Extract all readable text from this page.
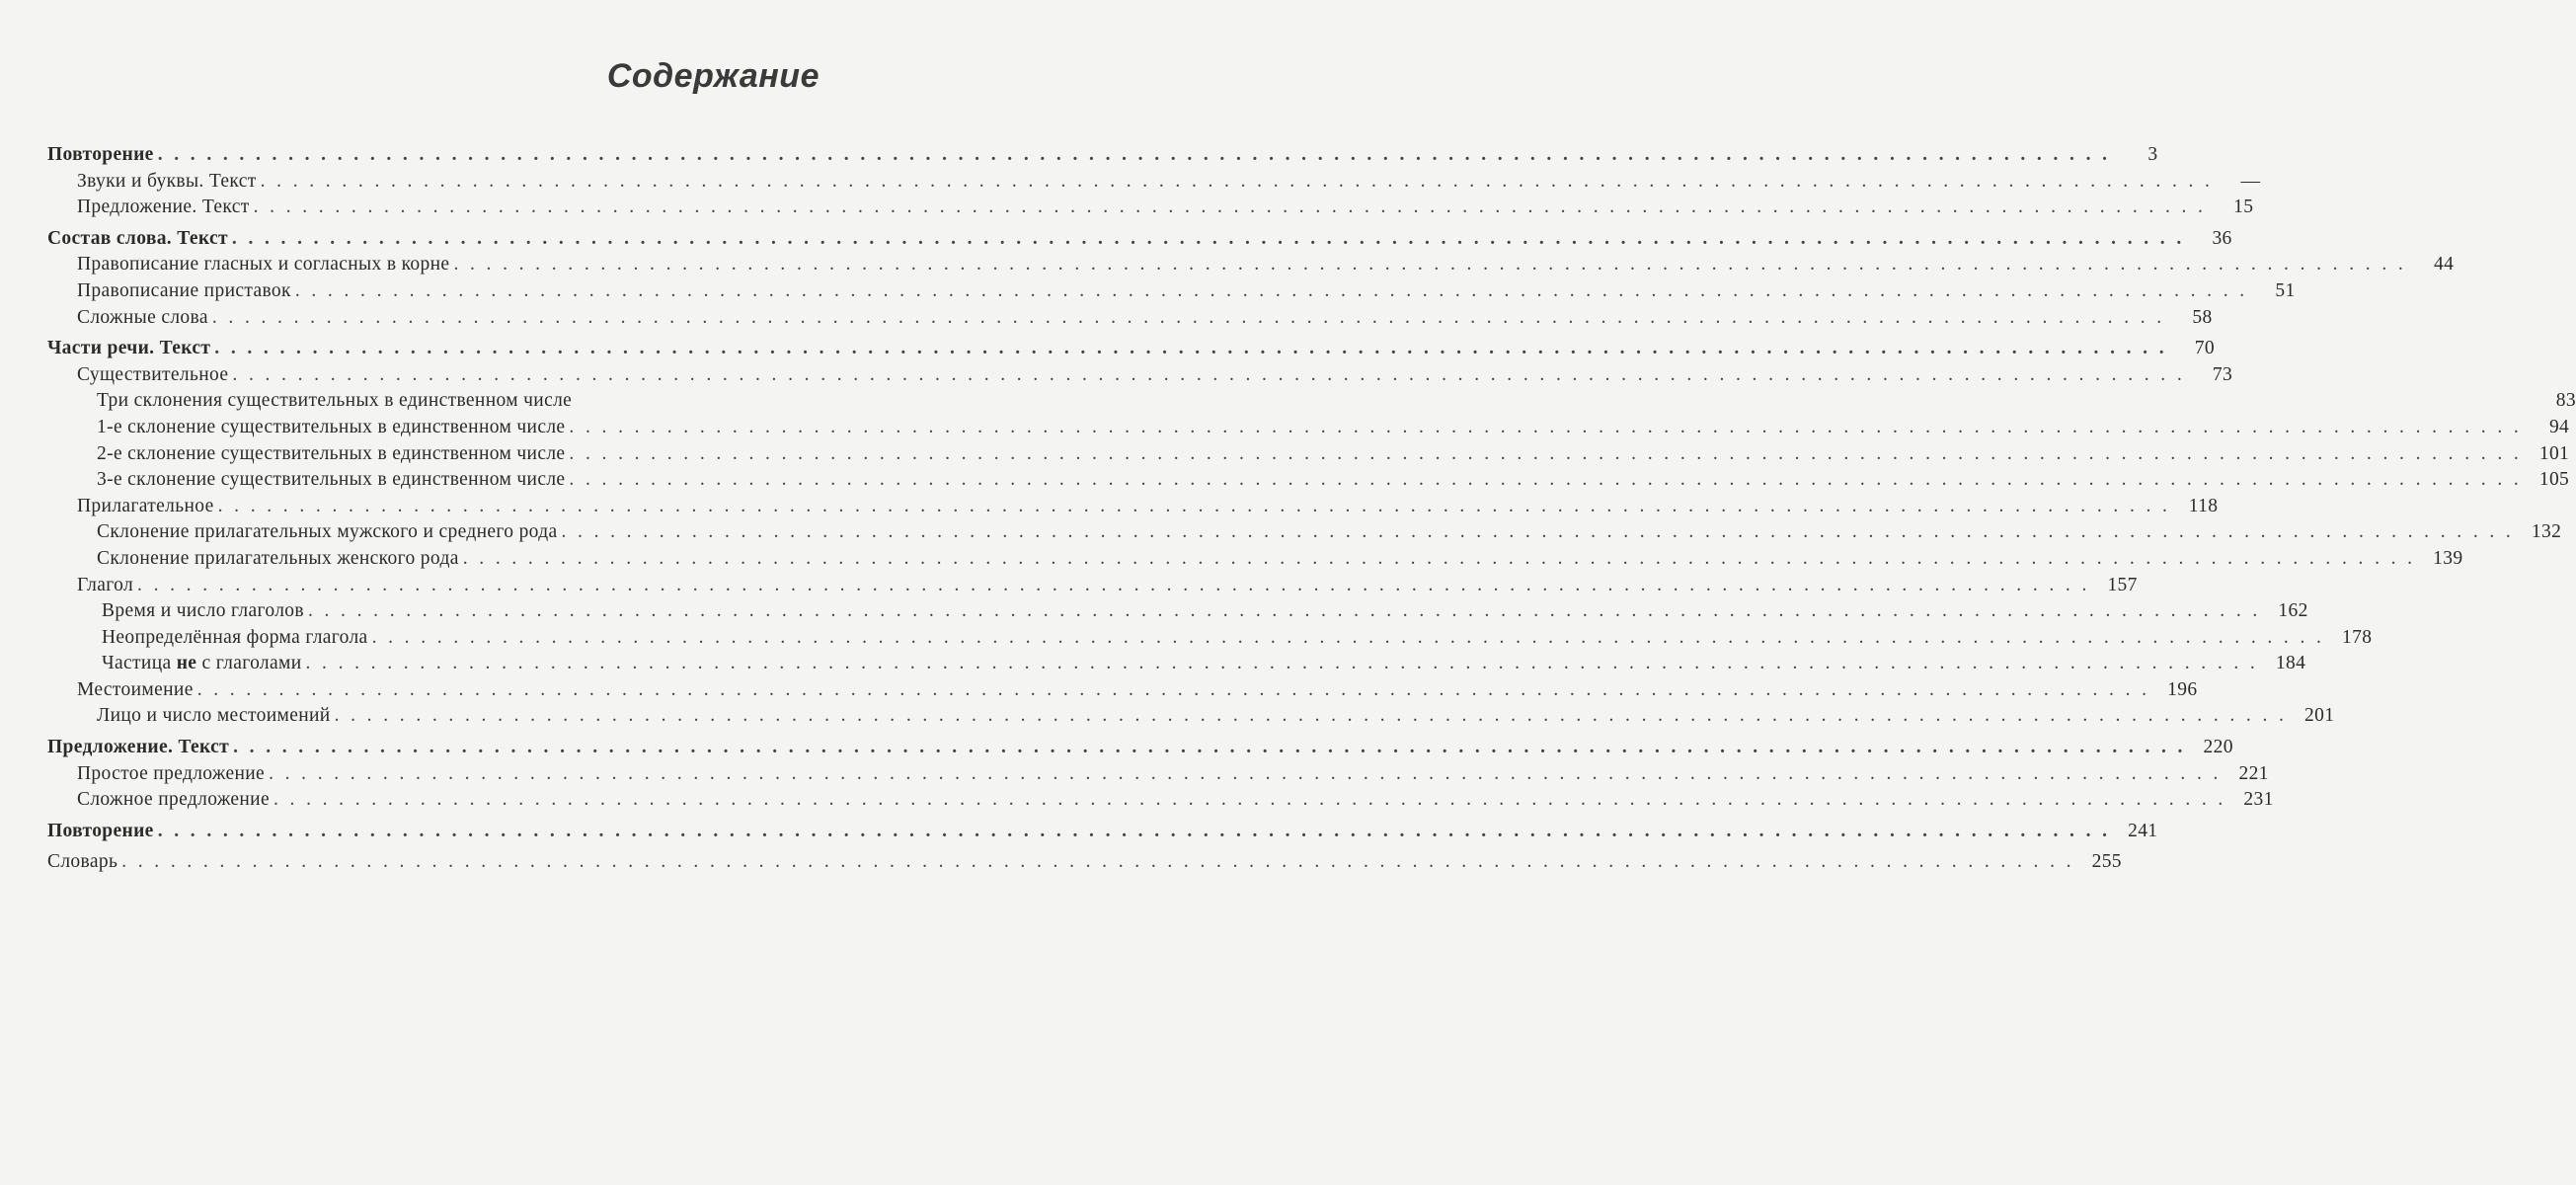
Содержание
Повторение . . . . . . . . . . . . . . . . . . . . . . . . . . . . . . . . . . . . . . . . . . . . . . . . . . . . . . . . . . . . . . . . . . . . . . . . . . . . . . . . . . . . . . . . . . . . . . . . . . . . . . . . . . . . . . . . . . . . . . . .	3
Звуки и буквы. Текст . . . . . . . . . . . . . . . . . . . . . . . . . . . . . . . . . . . . . . . . . . . . . . . . . . . . . . . . . . . . . . . . . . . . . . . . . . . . . . . . . . . . . . . . . . . . . . . . . . . . . . . . . . . . . . . . . . . . . . . .	—
Предложение. Текст . . . . . . . . . . . . . . . . . . . . . . . . . . . . . . . . . . . . . . . . . . . . . . . . . . . . . . . . . . . . . . . . . . . . . . . . . . . . . . . . . . . . . . . . . . . . . . . . . . . . . . . . . . . . . . . . . . . . . . . .	15
Состав слова. Текст . . . . . . . . . . . . . . . . . . . . . . . . . . . . . . . . . . . . . . . . . . . . . . . . . . . . . . . . . . . . . . . . . . . . . . . . . . . . . . . . . . . . . . . . . . . . . . . . . . . . . . . . . . . . . . . . . . . . . . . .	36
Правописание гласных и согласных в корне . . . . . . . . . . . . . . . . . . . . . . . . . . . . . . . . . . . . . . . . . . . . . . . . . . . . . . . . . . . . . . . . . . . . . . . . . . . . . . . . . . . . . . . . . . . . . . . . . . . . . . . . . . . . . . . . . . . . . . . .	44
Правописание приставок . . . . . . . . . . . . . . . . . . . . . . . . . . . . . . . . . . . . . . . . . . . . . . . . . . . . . . . . . . . . . . . . . . . . . . . . . . . . . . . . . . . . . . . . . . . . . . . . . . . . . . . . . . . . . . . . . . . . . . . .	51
Сложные слова . . . . . . . . . . . . . . . . . . . . . . . . . . . . . . . . . . . . . . . . . . . . . . . . . . . . . . . . . . . . . . . . . . . . . . . . . . . . . . . . . . . . . . . . . . . . . . . . . . . . . . . . . . . . . . . . . . . . . . . .	58
Части речи. Текст . . . . . . . . . . . . . . . . . . . . . . . . . . . . . . . . . . . . . . . . . . . . . . . . . . . . . . . . . . . . . . . . . . . . . . . . . . . . . . . . . . . . . . . . . . . . . . . . . . . . . . . . . . . . . . . . . . . . . . . .	70
Существительное . . . . . . . . . . . . . . . . . . . . . . . . . . . . . . . . . . . . . . . . . . . . . . . . . . . . . . . . . . . . . . . . . . . . . . . . . . . . . . . . . . . . . . . . . . . . . . . . . . . . . . . . . . . . . . . . . . . . . . . .	73
Три склонения существительных в единственном числе	83
1-е склонение существительных в единственном числе . . . . . . . . . . . . . . . . . . . . . . . . . . . . . . . . . . . . . . . . . . . . . . . . . . . . . . . . . . . . . . . . . . . . . . . . . . . . . . . . . . . . . . . . . . . . . . . . . . . . . . . . . . . . . . . . . . . . . . . .	94
2-е склонение существительных в единственном числе . . . . . . . . . . . . . . . . . . . . . . . . . . . . . . . . . . . . . . . . . . . . . . . . . . . . . . . . . . . . . . . . . . . . . . . . . . . . . . . . . . . . . . . . . . . . . . . . . . . . . . . . . . . . . . . . . . . . . . . . 101
3-е склонение существительных в единственном числе . . . . . . . . . . . . . . . . . . . . . . . . . . . . . . . . . . . . . . . . . . . . . . . . . . . . . . . . . . . . . . . . . . . . . . . . . . . . . . . . . . . . . . . . . . . . . . . . . . . . . . . . . . . . . . . . . . . . . . . . 105
Прилагательное . . . . . . . . . . . . . . . . . . . . . . . . . . . . . . . . . . . . . . . . . . . . . . . . . . . . . . . . . . . . . . . . . . . . . . . . . . . . . . . . . . . . . . . . . . . . . . . . . . . . . . . . . . . . . . . . . . . . . . . . 118
Склонение прилагательных мужского и среднего рода . . . . . . . . . . . . . . . . . . . . . . . . . . . . . . . . . . . . . . . . . . . . . . . . . . . . . . . . . . . . . . . . . . . . . . . . . . . . . . . . . . . . . . . . . . . . . . . . . . . . . . . . . . . . . . . . . . . . . . . . 132
Склонение прилагательных женского рода . . . . . . . . . . . . . . . . . . . . . . . . . . . . . . . . . . . . . . . . . . . . . . . . . . . . . . . . . . . . . . . . . . . . . . . . . . . . . . . . . . . . . . . . . . . . . . . . . . . . . . . . . . . . . . . . . . . . . . . . 139
Глагол . . . . . . . . . . . . . . . . . . . . . . . . . . . . . . . . . . . . . . . . . . . . . . . . . . . . . . . . . . . . . . . . . . . . . . . . . . . . . . . . . . . . . . . . . . . . . . . . . . . . . . . . . . . . . . . . . . . . . . . . 157
Время и число глаголов . . . . . . . . . . . . . . . . . . . . . . . . . . . . . . . . . . . . . . . . . . . . . . . . . . . . . . . . . . . . . . . . . . . . . . . . . . . . . . . . . . . . . . . . . . . . . . . . . . . . . . . . . . . . . . . . . . . . . . . . 162
Неопределённая форма глагола . . . . . . . . . . . . . . . . . . . . . . . . . . . . . . . . . . . . . . . . . . . . . . . . . . . . . . . . . . . . . . . . . . . . . . . . . . . . . . . . . . . . . . . . . . . . . . . . . . . . . . . . . . . . . . . . . . . . . . . . 178
Частица не с глаголами . . . . . . . . . . . . . . . . . . . . . . . . . . . . . . . . . . . . . . . . . . . . . . . . . . . . . . . . . . . . . . . . . . . . . . . . . . . . . . . . . . . . . . . . . . . . . . . . . . . . . . . . . . . . . . . . . . . . . . . . 184
Местоимение . . . . . . . . . . . . . . . . . . . . . . . . . . . . . . . . . . . . . . . . . . . . . . . . . . . . . . . . . . . . . . . . . . . . . . . . . . . . . . . . . . . . . . . . . . . . . . . . . . . . . . . . . . . . . . . . . . . . . . . . 196
Лицо и число местоимений . . . . . . . . . . . . . . . . . . . . . . . . . . . . . . . . . . . . . . . . . . . . . . . . . . . . . . . . . . . . . . . . . . . . . . . . . . . . . . . . . . . . . . . . . . . . . . . . . . . . . . . . . . . . . . . . . . . . . . . . 201
Предложение. Текст . . . . . . . . . . . . . . . . . . . . . . . . . . . . . . . . . . . . . . . . . . . . . . . . . . . . . . . . . . . . . . . . . . . . . . . . . . . . . . . . . . . . . . . . . . . . . . . . . . . . . . . . . . . . . . . . . . . . . . . . 220
Простое предложение . . . . . . . . . . . . . . . . . . . . . . . . . . . . . . . . . . . . . . . . . . . . . . . . . . . . . . . . . . . . . . . . . . . . . . . . . . . . . . . . . . . . . . . . . . . . . . . . . . . . . . . . . . . . . . . . . . . . . . . . 221
Сложное предложение . . . . . . . . . . . . . . . . . . . . . . . . . . . . . . . . . . . . . . . . . . . . . . . . . . . . . . . . . . . . . . . . . . . . . . . . . . . . . . . . . . . . . . . . . . . . . . . . . . . . . . . . . . . . . . . . . . . . . . . . 231
Повторение . . . . . . . . . . . . . . . . . . . . . . . . . . . . . . . . . . . . . . . . . . . . . . . . . . . . . . . . . . . . . . . . . . . . . . . . . . . . . . . . . . . . . . . . . . . . . . . . . . . . . . . . . . . . . . . . . . . . . . . . 241
Словарь . . . . . . . . . . . . . . . . . . . . . . . . . . . . . . . . . . . . . . . . . . . . . . . . . . . . . . . . . . . . . . . . . . . . . . . . . . . . . . . . . . . . . . . . . . . . . . . . . . . . . . . . . . . . . . . . . . . . . . . . 255
